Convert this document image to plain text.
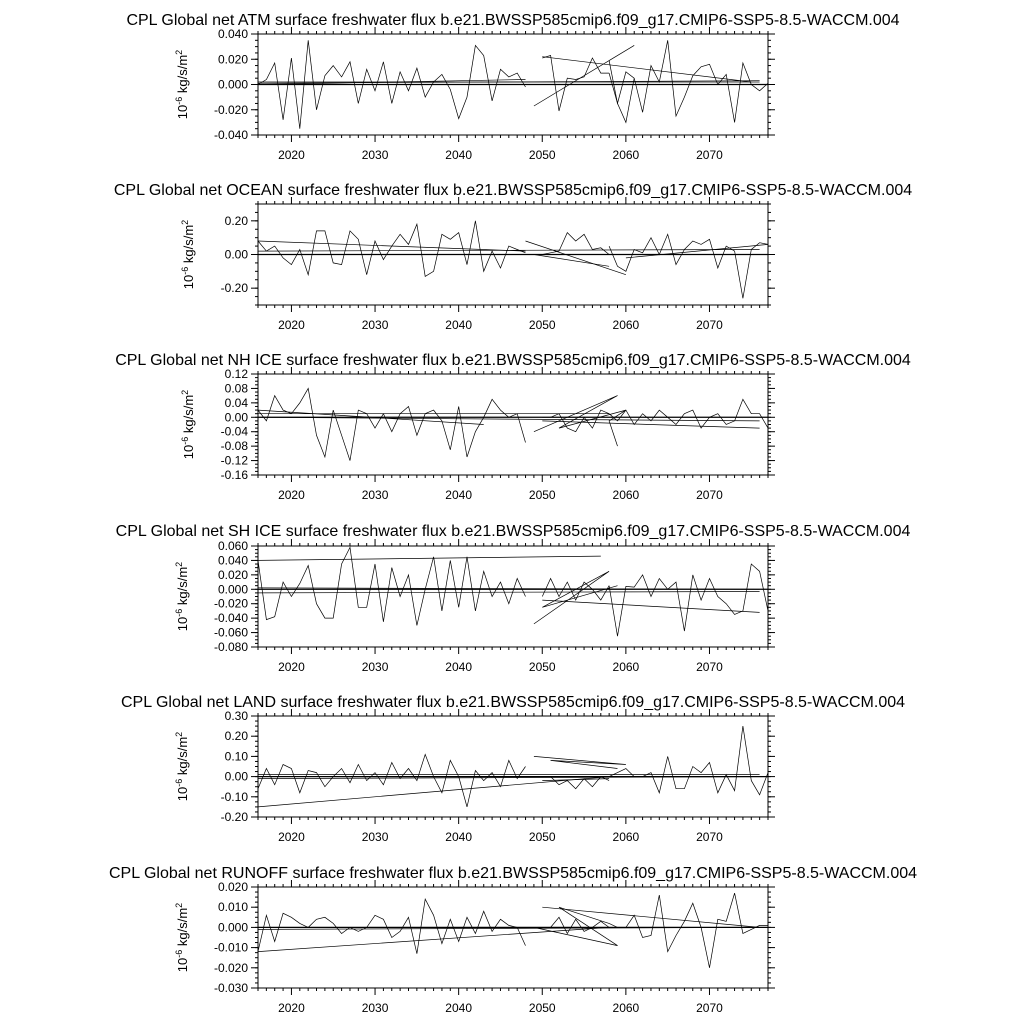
CPL Global net ATM surface freshwater flux b.e21.BWSSP585cmip6.f09_g17.CMIP6-SSP5-8.5-WACCM.004
-0.040
-0.020
0.000
0.020
0.040
2020	2030	2040	2050	2060	2070
$10^{-6}$ $kg/s/m^2$
CPL Global net OCEAN surface freshwater flux b.e21.BWSSP585cmip6.f09_g17.CMIP6-SSP5-8.5-WACCM.004
-0.20
0.00
0.20
2020	2030	2040	2050	2060	2070
$10^{-6}$ $kg/s/m^2$
CPL Global net NH ICE surface freshwater flux b.e21.BWSSP585cmip6.f09_g17.CMIP6-SSP5-8.5-WACCM.004
-0.16
-0.12
-0.08
-0.04
0.00
0.04
0.08
0.12
2020	2030	2040	2050	2060	2070
$10^{-6}$ $kg/s/m^2$
CPL Global net SH ICE surface freshwater flux b.e21.BWSSP585cmip6.f09_g17.CMIP6-SSP5-8.5-WACCM.004
-0.080
-0.060
-0.040
-0.020
0.000
0.020
0.040
0.060
2020	2030	2040	2050	2060	2070
$10^{-6}$ $kg/s/m^2$
CPL Global net LAND surface freshwater flux b.e21.BWSSP585cmip6.f09_g17.CMIP6-SSP5-8.5-WACCM.004
-0.20
-0.10
0.00
0.10
0.20
0.30
2020	2030	2040	2050	2060	2070
$10^{-6}$ $kg/s/m^2$
CPL Global net RUNOFF surface freshwater flux b.e21.BWSSP585cmip6.f09_g17.CMIP6-SSP5-8.5-WACCM.004
-0.030
-0.020
-0.010
0.000
0.010
0.020
2020	2030	2040	2050	2060	2070
$10^{-6}$ $kg/s/m^2$
